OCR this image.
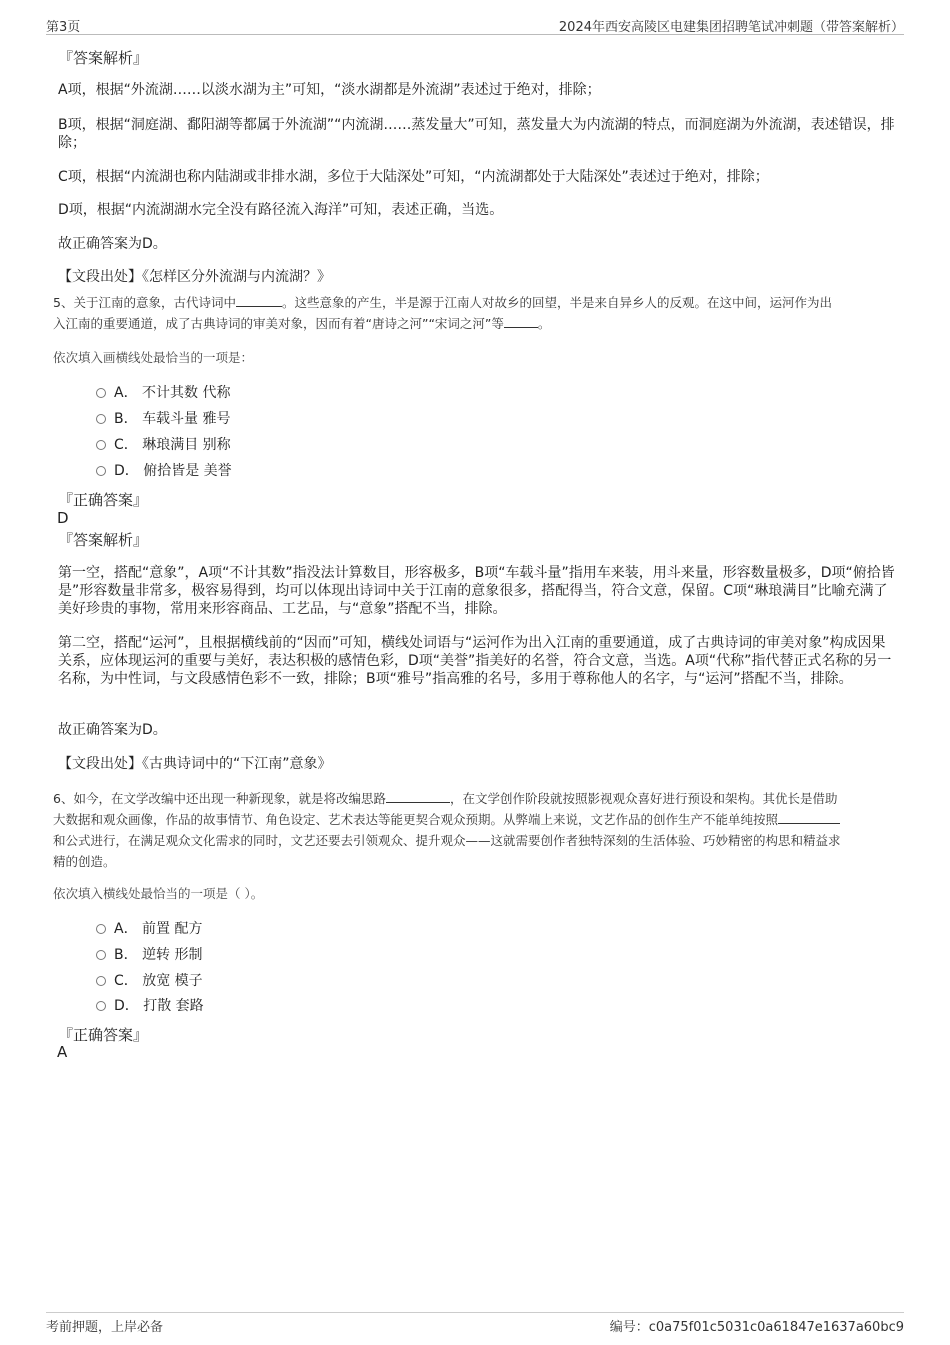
第3页	2024年西安高陵区电建集团招聘笔试冲刺题（带答案解析）
『答案解析』
A项，根据“外流湖……以淡水湖为主”可知，“淡水湖都是外流湖”表述过于绝对，排除；
B项，根据“洞庭湖、鄱阳湖等都属于外流湖”“内流湖……蒸发量大”可知，蒸发量大为内流湖的特点，而洞庭湖为外流湖，表述错误，排除；
C项，根据“内流湖也称内陆湖或非排水湖，多位于大陆深处”可知，“内流湖都处于大陆深处”表述过于绝对，排除；
D项，根据“内流湖湖水完全没有路径流入海洋”可知，表述正确，当选。
故正确答案为D。
【文段出处】《怎样区分外流湖与内流湖？》
5、关于江南的意象，古代诗词中	。这些意象的产生，半是源于江南人对故乡的回望，半是来自异乡人的反观。在这中间，运河作为出
入江南的重要通道，成了古典诗词的审美对象，因而有着“唐诗之河”“宋词之河”等	。
依次填入画横线处最恰当的一项是：
A． 不计其数 代称
B． 车载斗量 雅号
C． 琳琅满目 别称
D． 俯拾皆是 美誉
『正确答案』
D
『答案解析』
第一空，搭配“意象”，A项“不计其数”指没法计算数目，形容极多，B项“车载斗量”指用车来装，用斗来量，形容数量极多，D项“俯拾皆是”形容数量非常多，极容易得到，均可以体现出诗词中关于江南的意象很多，搭配得当，符合文意，保留。C项“琳琅满目”比喻充满了美好珍贵的事物，常用来形容商品、工艺品，与“意象”搭配不当，排除。
第二空，搭配“运河”，且根据横线前的“因而”可知，横线处词语与“运河作为出入江南的重要通道，成了古典诗词的审美对象”构成因果关系，应体现运河的重要与美好，表达积极的感情色彩，D项“美誉”指美好的名誉，符合文意，当选。A项“代称”指代替正式名称的另一名称，为中性词，与文段感情色彩不一致，排除；B项“雅号”指高雅的名号，多用于尊称他人的名字，与“运河”搭配不当，排除。
故正确答案为D。
【文段出处】《古典诗词中的“下江南”意象》
6、如今，在文学改编中还出现一种新现象，就是将改编思路	，在文学创作阶段就按照影视观众喜好进行预设和架构。其优长是借助
大数据和观众画像，作品的故事情节、角色设定、艺术表达等能更契合观众预期。从弊端上来说，文艺作品的创作生产不能单纯按照
和公式进行，在满足观众文化需求的同时，文艺还要去引领观众、提升观众——这就需要创作者独特深刻的生活体验、巧妙精密的构思和精益求
精的创造。
依次填入横线处最恰当的一项是（ ）。
A． 前置 配方
B． 逆转 形制
C． 放宽 模子
D． 打散 套路
『正确答案』
A
考前押题，上岸必备	编号：c0a75f01c5031c0a61847e1637a60bc9
